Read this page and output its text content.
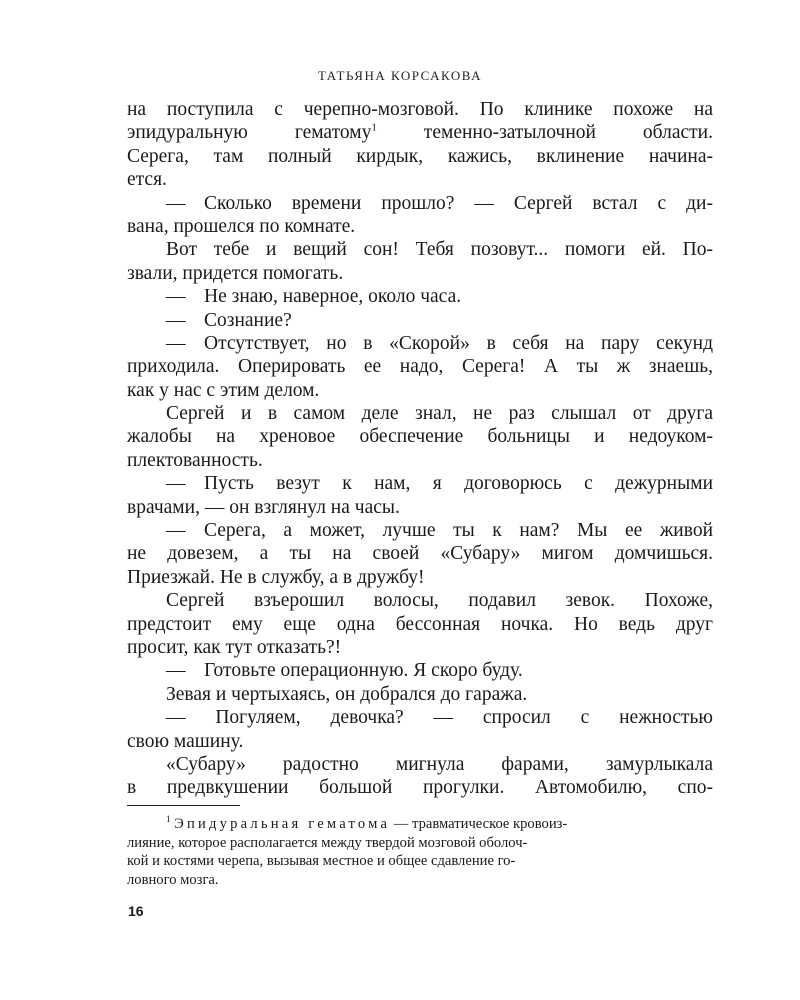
ТАТЬЯНА КОРСАКОВА
на поступила с черепно-мозговой. По клинике похоже на
эпидуральную гематому$^1$ теменно-затылочной области.
Серега, там полный кирдык, кажись, вклинение начина-
ется.
— Сколько времени прошло? — Сергей встал с ди-
вана, прошелся по комнате.
Вот тебе и вещий сон! Тебя позовут... помоги ей. По-
звали, придется помогать.
— Не знаю, наверное, около часа.
— Сознание?
— Отсутствует, но в «Скорой» в себя на пару секунд
приходила. Оперировать ее надо, Серега! А ты ж знаешь,
как у нас с этим делом.
Сергей и в самом деле знал, не раз слышал от друга
жалобы на хреновое обеспечение больницы и недоуком-
плектованность.
— Пусть везут к нам, я договорюсь с дежурными
врачами, — он взглянул на часы.
— Серега, а может, лучше ты к нам? Мы ее живой
не довезем, а ты на своей «Субару» мигом домчишься.
Приезжай. Не в службу, а в дружбу!
Сергей взъерошил волосы, подавил зевок. Похоже,
предстоит ему еще одна бессонная ночка. Но ведь друг
просит, как тут отказать?!
— Готовьте операционную. Я скоро буду.
Зевая и чертыхаясь, он добрался до гаража.
— Погуляем, девочка? — спросил с нежностью
свою машину.
«Субару» радостно мигнула фарами, замурлыкала
в предвкушении большой прогулки. Автомобилю, спо-
$^1$ Эпидуральная гематома — травматическое кровоиз-
лияние, которое располагается между твердой мозговой оболоч-
кой и костями черепа, вызывая местное и общее сдавление го-
ловного мозга.
16
